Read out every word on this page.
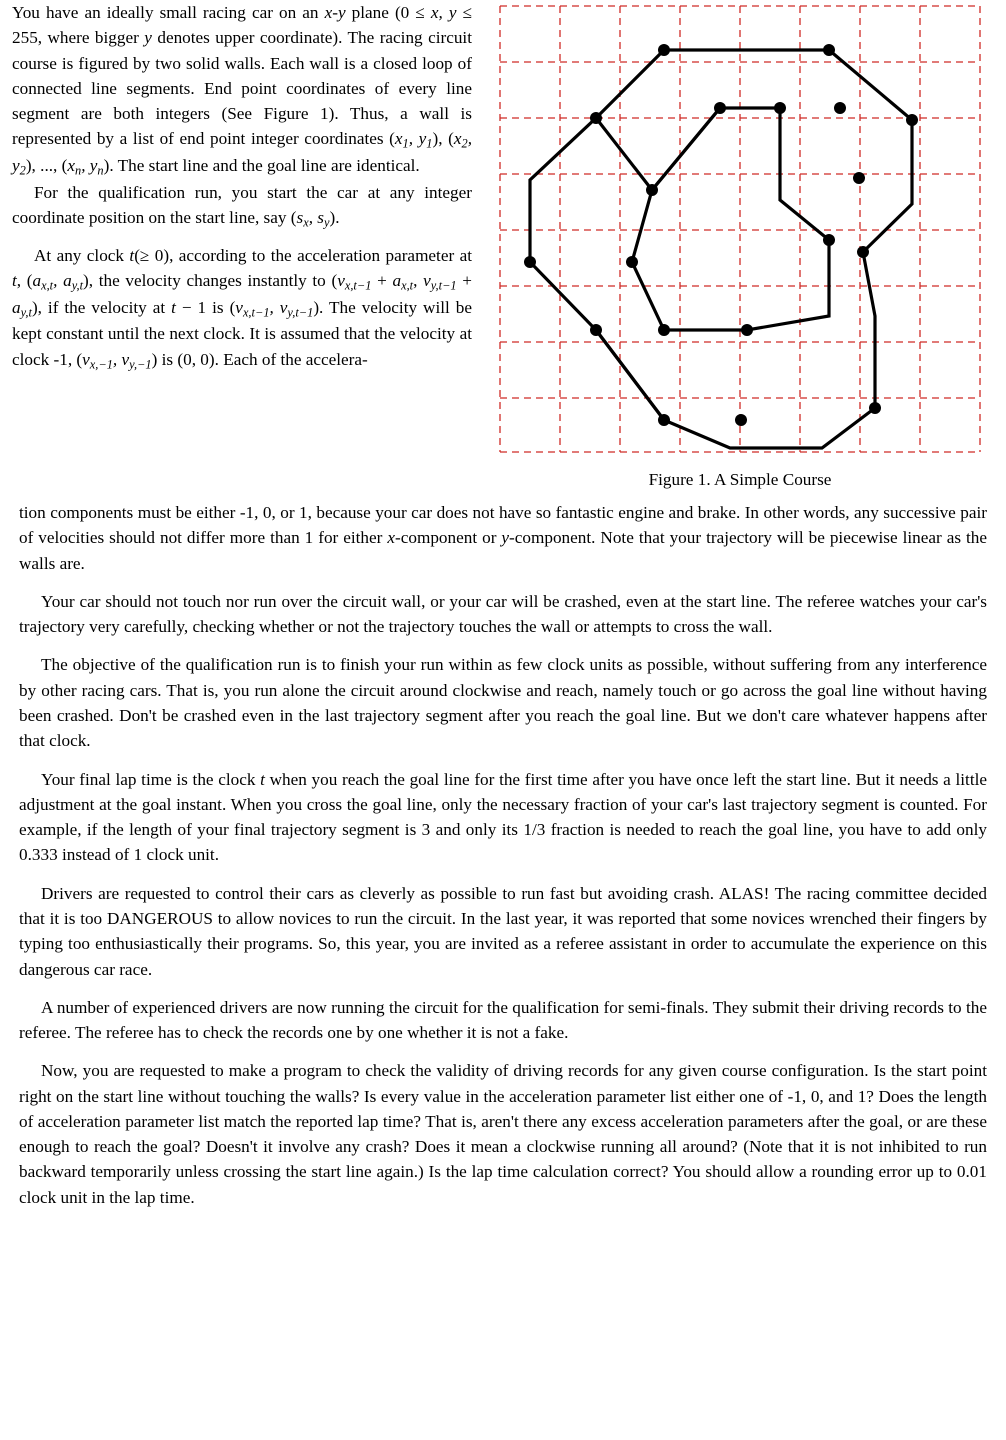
You have an ideally small racing car on an x-y plane (0 ≤ x, y ≤ 255, where bigger y denotes upper coordinate). The racing circuit course is figured by two solid walls. Each wall is a closed loop of connected line segments. End point coordinates of every line segment are both integers (See Figure 1). Thus, a wall is represented by a list of end point integer coordinates ($x_1$, $y_1$), ($x_2$, $y_2$), ..., ($x_n$, $y_n$). The start line and the goal line are identical.

For the qualification run, you start the car at any integer coordinate position on the start line, say ($s_x$, $s_y$).

At any clock t(≥ 0), according to the acceleration parameter at t, ($a_{x,t}$, $a_{y,t}$), the velocity changes instantly to ($v_{x,t-1} + a_{x,t}$, $v_{y,t-1} + a_{y,t}$), if the velocity at t − 1 is ($v_{x,t-1}$, $v_{y,t-1}$). The velocity will be kept constant until the next clock. It is assumed that the velocity at clock -1, ($v_{x,-1}$, $v_{y,-1}$) is (0, 0). Each of the accelera-

Figure 1. A Simple Course

tion components must be either -1, 0, or 1, because your car does not have so fantastic engine and brake. In other words, any successive pair of velocities should not differ more than 1 for either x-component or y-component. Note that your trajectory will be piecewise linear as the walls are.

Your car should not touch nor run over the circuit wall, or your car will be crashed, even at the start line. The referee watches your car's trajectory very carefully, checking whether or not the trajectory touches the wall or attempts to cross the wall.

The objective of the qualification run is to finish your run within as few clock units as possible, without suffering from any interference by other racing cars. That is, you run alone the circuit around clockwise and reach, namely touch or go across the goal line without having been crashed. Don't be crashed even in the last trajectory segment after you reach the goal line. But we don't care whatever happens after that clock.

Your final lap time is the clock t when you reach the goal line for the first time after you have once left the start line. But it needs a little adjustment at the goal instant. When you cross the goal line, only the necessary fraction of your car's last trajectory segment is counted. For example, if the length of your final trajectory segment is 3 and only its 1/3 fraction is needed to reach the goal line, you have to add only 0.333 instead of 1 clock unit.

Drivers are requested to control their cars as cleverly as possible to run fast but avoiding crash. ALAS! The racing committee decided that it is too DANGEROUS to allow novices to run the circuit. In the last year, it was reported that some novices wrenched their fingers by typing too enthusiastically their programs. So, this year, you are invited as a referee assistant in order to accumulate the experience on this dangerous car race.

A number of experienced drivers are now running the circuit for the qualification for semi-finals. They submit their driving records to the referee. The referee has to check the records one by one whether it is not a fake.

Now, you are requested to make a program to check the validity of driving records for any given course configuration. Is the start point right on the start line without touching the walls? Is every value in the acceleration parameter list either one of -1, 0, and 1? Does the length of acceleration parameter list match the reported lap time? That is, aren't there any excess acceleration parameters after the goal, or are these enough to reach the goal? Doesn't it involve any crash? Does it mean a clockwise running all around? (Note that it is not inhibited to run backward temporarily unless crossing the start line again.) Is the lap time calculation correct? You should allow a rounding error up to 0.01 clock unit in the lap time.
